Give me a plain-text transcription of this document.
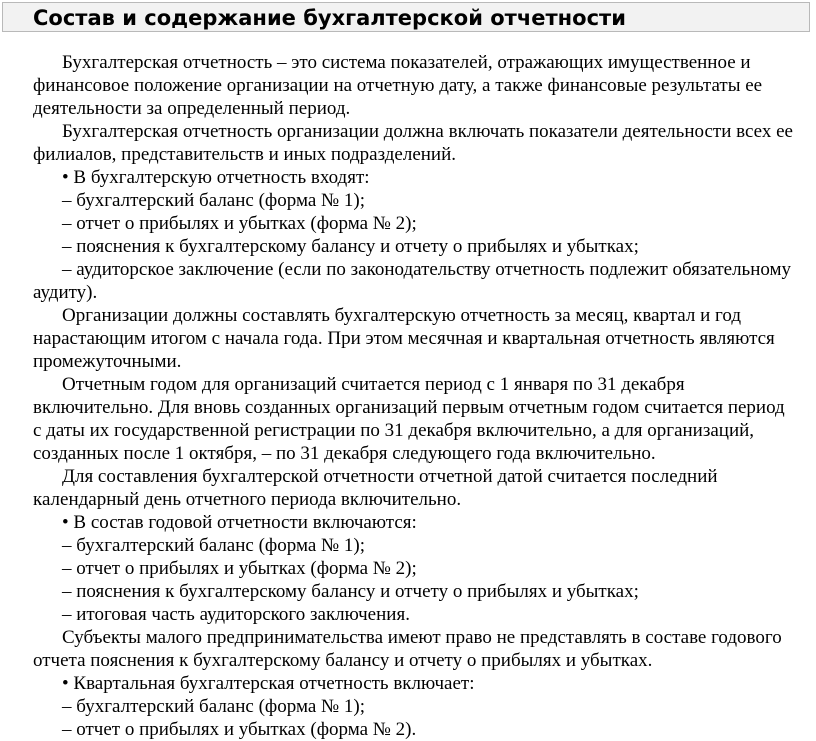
Состав и содержание бухгалтерской отчетности

Бухгалтерская отчетность – это система показателей, отражающих имущественное и финансовое положение организации на отчетную дату, а также финансовые результаты ее деятельности за определенный период.

Бухгалтерская отчетность организации должна включать показатели деятельности всех ее филиалов, представительств и иных подразделений.

• В бухгалтерскую отчетность входят:

– бухгалтерский баланс (форма № 1);

– отчет о прибылях и убытках (форма № 2);

– пояснения к бухгалтерскому балансу и отчету о прибылях и убытках;

– аудиторское заключение (если по законодательству отчетность подлежит обязательному аудиту).

Организации должны составлять бухгалтерскую отчетность за месяц, квартал и год нарастающим итогом с начала года. При этом месячная и квартальная отчетность являются промежуточными.

Отчетным годом для организаций считается период с 1 января по 31 декабря включительно. Для вновь созданных организаций первым отчетным годом считается период с даты их государственной регистрации по 31 декабря включительно, а для организаций, созданных после 1 октября, – по 31 декабря следующего года включительно.

Для составления бухгалтерской отчетности отчетной датой считается последний календарный день отчетного периода включительно.

• В состав годовой отчетности включаются:

– бухгалтерский баланс (форма № 1);

– отчет о прибылях и убытках (форма № 2);

– пояснения к бухгалтерскому балансу и отчету о прибылях и убытках;

– итоговая часть аудиторского заключения.

Субъекты малого предпринимательства имеют право не представлять в составе годового отчета пояснения к бухгалтерскому балансу и отчету о прибылях и убытках.

• Квартальная бухгалтерская отчетность включает:

– бухгалтерский баланс (форма № 1);

– отчет о прибылях и убытках (форма № 2).
